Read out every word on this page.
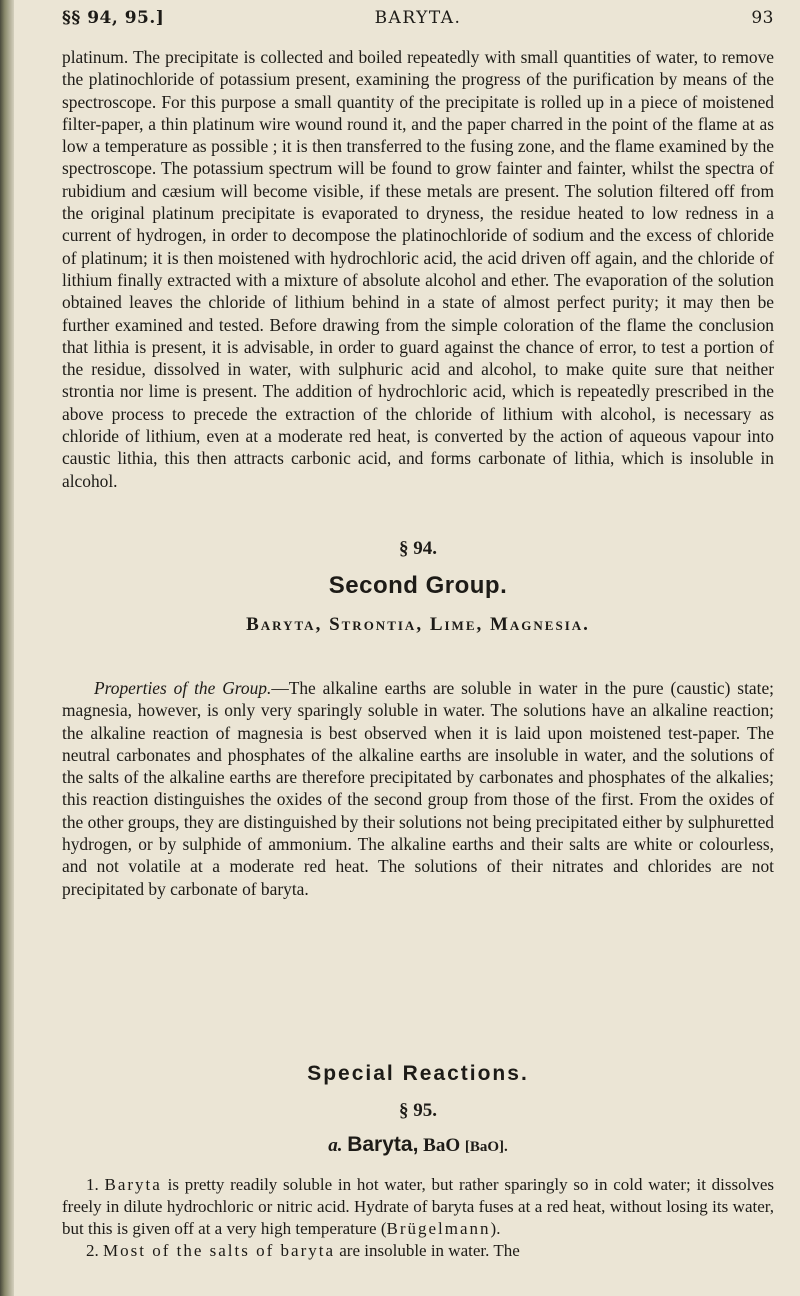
§§ 94, 95.]	BARYTA.	93

platinum. The precipitate is collected and boiled repeatedly with small quantities of water, to remove the platinochloride of potassium present, examining the progress of the purification by means of the spectroscope. For this purpose a small quantity of the precipitate is rolled up in a piece of moistened filter-paper, a thin platinum wire wound round it, and the paper charred in the point of the flame at as low a temperature as possible ; it is then transferred to the fusing zone, and the flame examined by the spectroscope. The potassium spectrum will be found to grow fainter and fainter, whilst the spectra of rubidium and cæsium will become visible, if these metals are present. The solution filtered off from the original platinum precipitate is evaporated to dryness, the residue heated to low redness in a current of hydrogen, in order to decompose the platinochloride of sodium and the excess of chloride of platinum; it is then moistened with hydrochloric acid, the acid driven off again, and the chloride of lithium finally extracted with a mixture of absolute alcohol and ether. The evaporation of the solution obtained leaves the chloride of lithium behind in a state of almost perfect purity; it may then be further examined and tested. Before drawing from the simple coloration of the flame the conclusion that lithia is present, it is advisable, in order to guard against the chance of error, to test a portion of the residue, dissolved in water, with sulphuric acid and alcohol, to make quite sure that neither strontia nor lime is present. The addition of hydrochloric acid, which is repeatedly prescribed in the above process to precede the extraction of the chloride of lithium with alcohol, is necessary as chloride of lithium, even at a moderate red heat, is converted by the action of aqueous vapour into caustic lithia, this then attracts carbonic acid, and forms carbonate of lithia, which is insoluble in alcohol.

§ 94.
Second Group.
Baryta, Strontia, Lime, Magnesia.

Properties of the Group.—The alkaline earths are soluble in water in the pure (caustic) state; magnesia, however, is only very sparingly soluble in water. The solutions have an alkaline reaction; the alkaline reaction of magnesia is best observed when it is laid upon moistened test-paper. The neutral carbonates and phosphates of the alkaline earths are insoluble in water, and the solutions of the salts of the alkaline earths are therefore precipitated by carbonates and phosphates of the alkalies; this reaction distinguishes the oxides of the second group from those of the first. From the oxides of the other groups, they are distinguished by their solutions not being precipitated either by sulphuretted hydrogen, or by sulphide of ammonium. The alkaline earths and their salts are white or colourless, and not volatile at a moderate red heat. The solutions of their nitrates and chlorides are not precipitated by carbonate of baryta.

Special Reactions.
§ 95.
a. Baryta, BaO [BaO].
1. Baryta is pretty readily soluble in hot water, but rather sparingly so in cold water; it dissolves freely in dilute hydrochloric or nitric acid. Hydrate of baryta fuses at a red heat, without losing its water, but this is given off at a very high temperature (Brügelmann).
2. Most of the salts of baryta are insoluble in water. The
